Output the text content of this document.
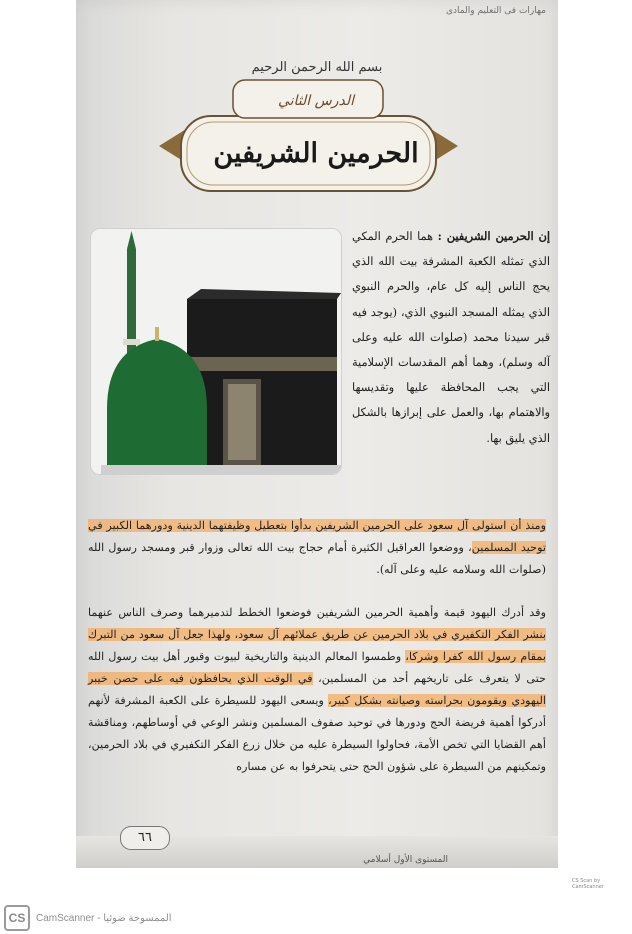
مهارات فى التعليم والمادى
بسم الله الرحمن الرحيم
الدرس الثاني
الحرمين الشريفين
إن الحرمين الشريفين : هما الحرم المكي الذي تمثله الكعبة المشرفة بيت الله الذي يحج الناس إليه كل عام، والحرم النبوي الذي يمثله المسجد النبوي الذي، (يوجد فيه قبر سيدنا محمد (صلوات الله عليه وعلى آله وسلم)، وهما أهم المقدسات الإسلامية التي يجب المحافظة عليها وتقديسها والاهتمام بها، والعمل على إبرازها بالشكل الذي يليق بها.
ومنذ أن استولى آل سعود على الحرمين الشريفين بدأوا بتعطيل وظيفتهما الدينية ودورهما الكبير في توحيد المسلمين، ووضعوا العراقيل الكثيرة أمام حجاج بيت الله تعالى وزوار قبر ومسجد رسول الله (صلوات الله وسلامه عليه وعلى آله).
وقد أدرك اليهود قيمة وأهمية الحرمين الشريفين فوضعوا الخطط لتدميرهما وصرف الناس عنهما بنشر الفكر التكفيري في بلاد الحرمين عن طريق عملائهم آل سعود، ولهذا جعل آل سعود من التبرك بمقام رسول الله كفرا وشركا، وطمسوا المعالم الدينية والتاريخية لبيوت وقبور أهل بيت رسول الله حتى لا يتعرف على تاريخهم أحد من المسلمين، في الوقت الذي يحافظون فيه على حصن خيبر اليهودي ويقومون بحراسته وصيانته بشكل كبير، ويسعى اليهود للسيطرة على الكعبة المشرفة لأنهم أدركوا أهمية فريضة الحج ودورها في توحيد صفوف المسلمين ونشر الوعي في أوساطهم، ومناقشة أهم القضايا التي تخص الأمة، فحاولوا السيطرة عليه من خلال زرع الفكر التكفيري في بلاد الحرمين، وتمكينهم من السيطرة على شؤون الحج حتى يتحرفوا به عن مساره
٦٦
المستوى الأول أسلامي
CS Scan by CamScanner
CS	CamScanner - الممسوحة ضوئيا
